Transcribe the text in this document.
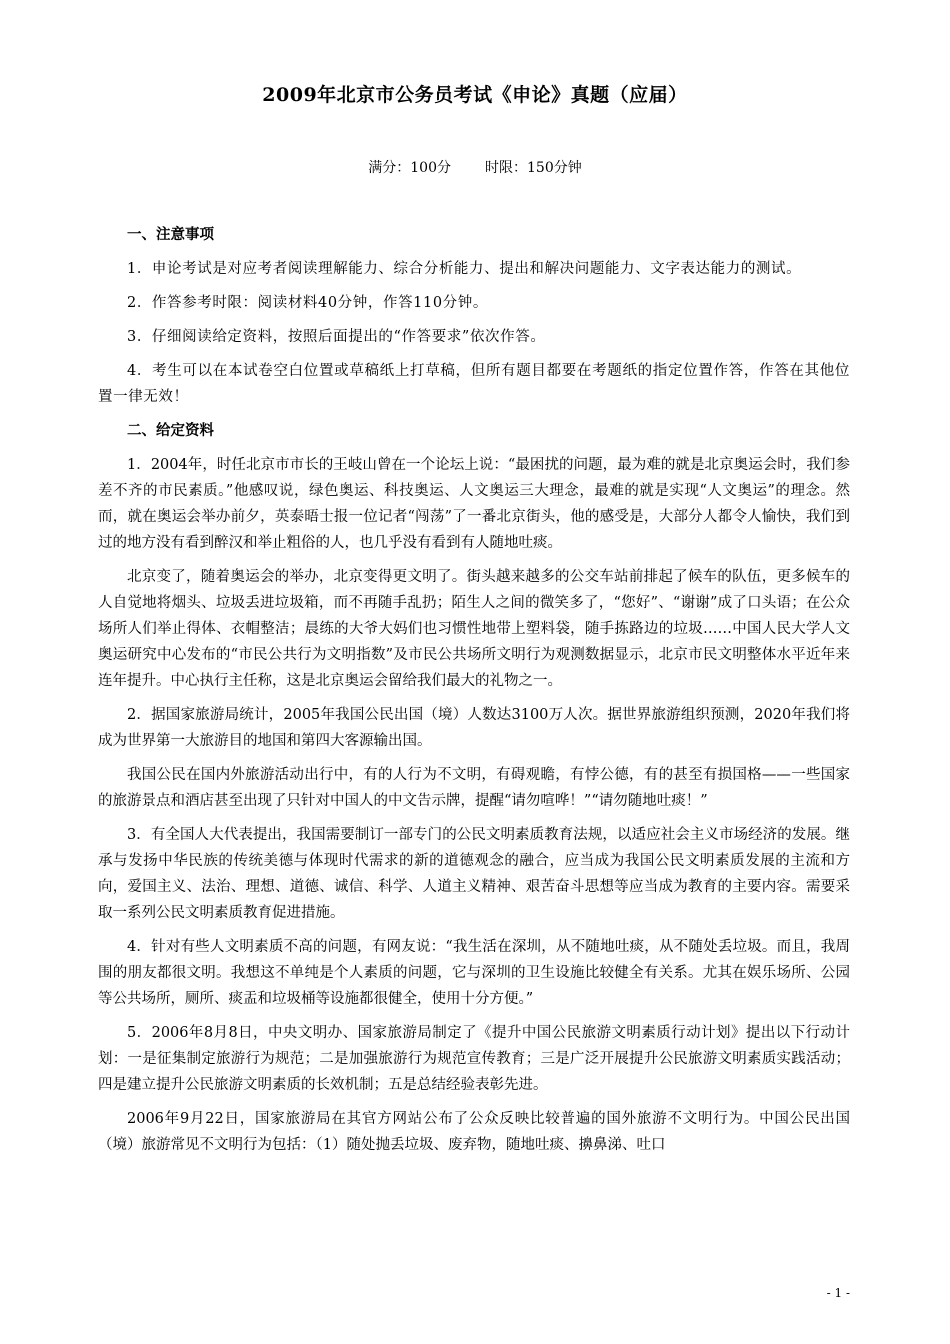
2009年北京市公务员考试《申论》真题（应届）
满分：100分 时限：150分钟
一、注意事项

1．申论考试是对应考者阅读理解能力、综合分析能力、提出和解决问题能力、文字表达能力的测试。

2．作答参考时限：阅读材料40分钟，作答110分钟。

3．仔细阅读给定资料，按照后面提出的“作答要求”依次作答。

4．考生可以在本试卷空白位置或草稿纸上打草稿，但所有题目都要在考题纸的指定位置作答，作答在其他位置一律无效！

二、给定资料

1．2004年，时任北京市市长的王岐山曾在一个论坛上说：“最困扰的问题，最为难的就是北京奥运会时，我们参差不齐的市民素质。”他感叹说，绿色奥运、科技奥运、人文奥运三大理念，最难的就是实现“人文奥运”的理念。然而，就在奥运会举办前夕，英泰晤士报一位记者“闯荡”了一番北京街头，他的感受是，大部分人都令人愉快，我们到过的地方没有看到醉汉和举止粗俗的人，也几乎没有看到有人随地吐痰。

北京变了，随着奥运会的举办，北京变得更文明了。街头越来越多的公交车站前排起了候车的队伍，更多候车的人自觉地将烟头、垃圾丢进垃圾箱，而不再随手乱扔；陌生人之间的微笑多了，“您好”、“谢谢”成了口头语；在公众场所人们举止得体、衣帽整洁；晨练的大爷大妈们也习惯性地带上塑料袋，随手拣路边的垃圾……中国人民大学人文奥运研究中心发布的“市民公共行为文明指数”及市民公共场所文明行为观测数据显示，北京市民文明整体水平近年来连年提升。中心执行主任称，这是北京奥运会留给我们最大的礼物之一。

2．据国家旅游局统计，2005年我国公民出国（境）人数达3100万人次。据世界旅游组织预测，2020年我们将成为世界第一大旅游目的地国和第四大客源输出国。

我国公民在国内外旅游活动出行中，有的人行为不文明，有碍观瞻，有悖公德，有的甚至有损国格——一些国家的旅游景点和酒店甚至出现了只针对中国人的中文告示牌，提醒“请勿喧哗！”“请勿随地吐痰！”

3．有全国人大代表提出，我国需要制订一部专门的公民文明素质教育法规，以适应社会主义市场经济的发展。继承与发扬中华民族的传统美德与体现时代需求的新的道德观念的融合，应当成为我国公民文明素质发展的主流和方向，爱国主义、法治、理想、道德、诚信、科学、人道主义精神、艰苦奋斗思想等应当成为教育的主要内容。需要采取一系列公民文明素质教育促进措施。

4．针对有些人文明素质不高的问题，有网友说：“我生活在深圳，从不随地吐痰，从不随处丢垃圾。而且，我周围的朋友都很文明。我想这不单纯是个人素质的问题，它与深圳的卫生设施比较健全有关系。尤其在娱乐场所、公园等公共场所，厕所、痰盂和垃圾桶等设施都很健全，使用十分方便。”

5．2006年8月8日，中央文明办、国家旅游局制定了《提升中国公民旅游文明素质行动计划》提出以下行动计划：一是征集制定旅游行为规范；二是加强旅游行为规范宣传教育；三是广泛开展提升公民旅游文明素质实践活动；四是建立提升公民旅游文明素质的长效机制；五是总结经验表彰先进。

2006年9月22日，国家旅游局在其官方网站公布了公众反映比较普遍的国外旅游不文明行为。中国公民出国（境）旅游常见不文明行为包括：（1）随处抛丢垃圾、废弃物，随地吐痰、擤鼻涕、吐口

- 1 -
